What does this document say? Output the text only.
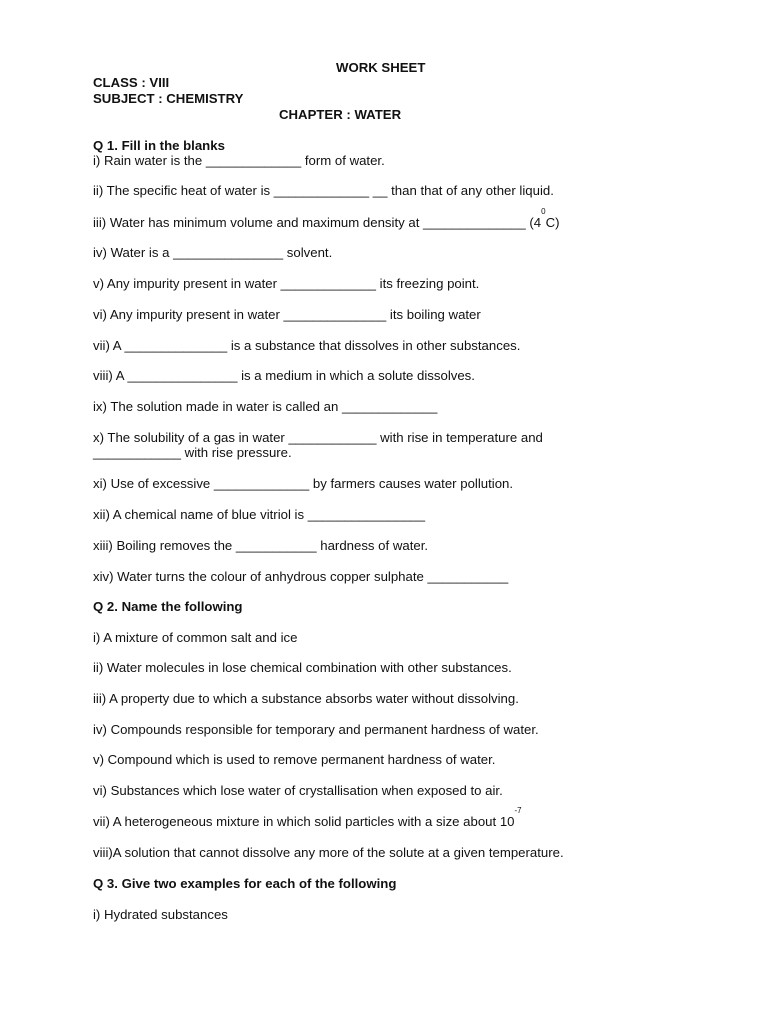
WORK SHEET
CLASS : VIII
SUBJECT : CHEMISTRY
CHAPTER : WATER
Q 1. Fill in the blanks
i) Rain water is the _____________ form of water.
ii) The specific heat of water is _____________ __ than that of any other liquid.
iii) Water has minimum volume and maximum density at ______________ $(4^0C)$
iv) Water is a _______________ solvent.
v) Any impurity present in water _____________ its freezing point.
vi) Any impurity present in water ______________ its boiling water
vii) A ______________ is a substance that dissolves in other substances.
viii) A _______________ is a medium in which a solute dissolves.
ix) The solution made in water is called an _____________
x) The solubility of a gas in water ____________ with rise in temperature and
____________ with rise pressure.
xi) Use of excessive _____________ by farmers causes water pollution.
xii) A chemical name of blue vitriol is ________________
xiii) Boiling removes the ___________ hardness of water.
xiv) Water turns the colour of anhydrous copper sulphate ___________
Q 2. Name the following
i) A mixture of common salt and ice
ii) Water molecules in lose chemical combination with other substances.
iii) A property due to which a substance absorbs water without dissolving.
iv) Compounds responsible for temporary and permanent hardness of water.
v) Compound which is used to remove permanent hardness of water.
vi) Substances which lose water of crystallisation when exposed to air.
vii) A heterogeneous mixture in which solid particles with a size about $10^{-7}$
viii)A solution that cannot dissolve any more of the solute at a given temperature.
Q 3. Give two examples for each of the following
i) Hydrated substances
